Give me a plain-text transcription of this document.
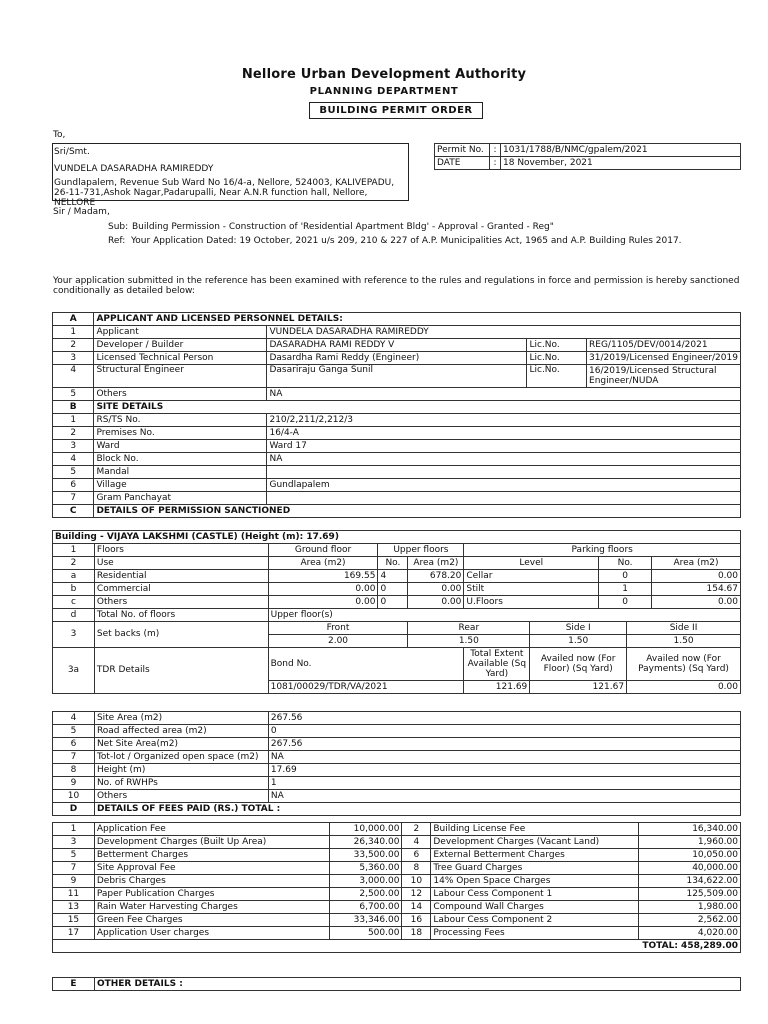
Nellore Urban Development Authority
PLANNING DEPARTMENT
BUILDING PERMIT ORDER
To,
Sri/Smt.
VUNDELA DASARADHA RAMIREDDY
Gundlapalem, Revenue Sub Ward No 16/4-a, Nellore, 524003, KALIVEPADU, 26-11-731,Ashok Nagar,Padarupalli, Near A.N.R function hall, Nellore, NELLORE
Permit No.	:	1031/1788/B/NMC/gpalem/2021
DATE	:	18 November, 2021
Sir / Madam,
Sub: Building Permission - Construction of 'Residential Apartment Bldg' - Approval - Granted - Reg"
Ref: Your Application Dated: 19 October, 2021 u/s 209, 210 & 227 of A.P. Municipalities Act, 1965 and A.P. Building Rules 2017.
Your application submitted in the reference has been examined with reference to the rules and regulations in force and permission is hereby sanctioned conditionally as detailed below:
A	APPLICANT AND LICENSED PERSONNEL DETAILS:			
1	Applicant	VUNDELA DASARADHA RAMIREDDY		
2	Developer / Builder	DASARADHA RAMI REDDY V	Lic.No.	REG/1105/DEV/0014/2021
3	Licensed Technical Person	Dasardha Rami Reddy (Engineer)	Lic.No.	31/2019/Licensed Engineer/2019
4	Structural Engineer	Dasariraju Ganga Sunil	Lic.No.	16/2019/Licensed Structural Engineer/NUDA
5	Others	NA		
B	SITE DETAILS			
1	RS/TS No.	210/2,211/2,212/3		
2	Premises No.	16/4-A		
3	Ward	Ward 17		
4	Block No.	NA		
5	Mandal			
6	Village	Gundlapalem		
7	Gram Panchayat			
C	DETAILS OF PERMISSION SANCTIONED			
Building - VIJAYA LAKSHMI (CASTLE) (Height (m): 17.69)									
1	Floors	Ground floor	Upper floors		Parking floors				
2	Use	Area (m2)	No.	Area (m2)	Level		No.		Area (m2)
a	Residential	169.55	4	678.20	Cellar		0		0.00
b	Commercial	0.00	0	0.00	Stilt		1		154.67
c	Others	0.00	0	0.00	U.Floors		0		0.00
d	Total No. of floors	Upper floor(s)							
3	Set backs (m)	Front		Rear		Side I		Side II	
		2.00		1.50		1.50		1.50	
3a	TDR Details	Bond No.			Total Extent Available (Sq Yard)	Availed now (For Floor) (Sq Yard)		Availed now (For Payments) (Sq Yard)	
		1081/00029/TDR/VA/2021			121.69	121.67		0.00	
4	Site Area (m2)	267.56
5	Road affected area (m2)	0
6	Net Site Area(m2)	267.56
7	Tot-lot / Organized open space (m2)	NA
8	Height (m)	17.69
9	No. of RWHPs	1
10	Others	NA
D	DETAILS OF FEES PAID (RS.) TOTAL :	
1	Application Fee	10,000.00	2	Building License Fee	16,340.00
3	Development Charges (Built Up Area)	26,340.00	4	Development Charges (Vacant Land)	1,960.00
5	Betterment Charges	33,500.00	6	External Betterment Charges	10,050.00
7	Site Approval Fee	5,360.00	8	Tree Guard Charges	40,000.00
9	Debris Charges	3,000.00	10	14% Open Space Charges	134,622.00
11	Paper Publication Charges	2,500.00	12	Labour Cess Component 1	125,509.00
13	Rain Water Harvesting Charges	6,700.00	14	Compound Wall Charges	1,980.00
15	Green Fee Charges	33,346.00	16	Labour Cess Component 2	2,562.00
17	Application User charges	500.00	18	Processing Fees	4,020.00
TOTAL: 458,289.00					
E	OTHER DETAILS :
